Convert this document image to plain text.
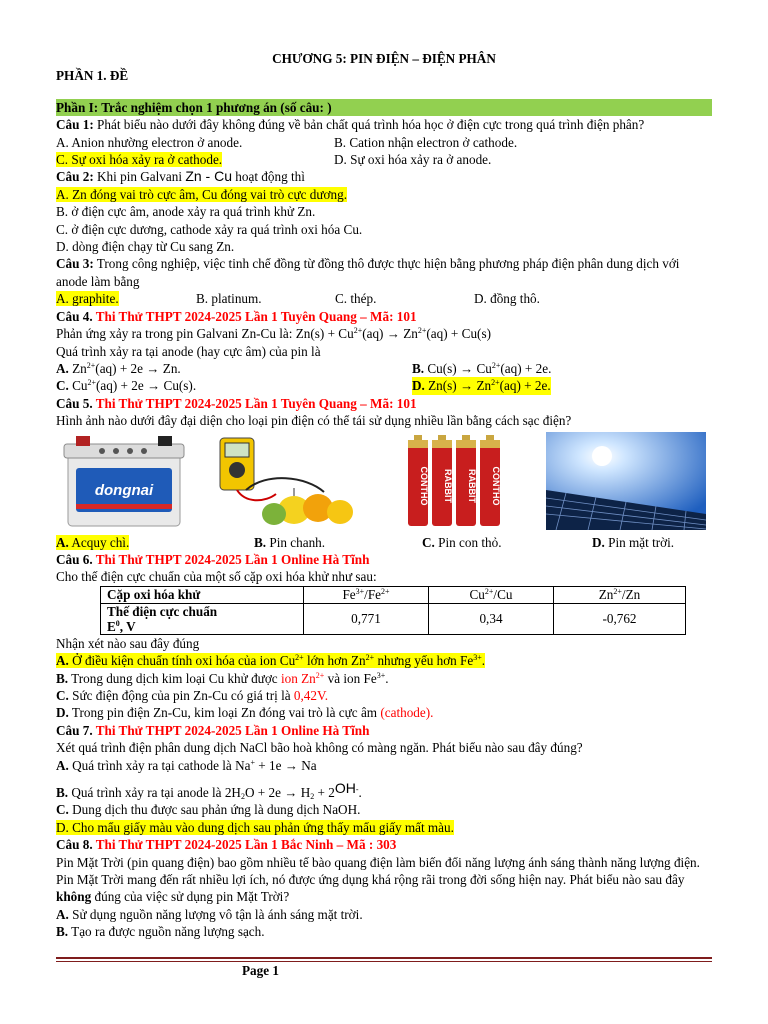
CHƯƠNG 5: PIN ĐIỆN – ĐIỆN PHÂN
PHẦN 1. ĐỀ
Phần I: Trắc nghiệm chọn 1 phương án (số câu: )
Câu 1: Phát biểu nào dưới đây không đúng về bản chất quá trình hóa học ở điện cực trong quá trình điện phân?
A. Anion nhường electron ở anode.	B. Cation nhận electron ở cathode.
C. Sự oxi hóa xảy ra ở cathode.	D. Sự oxi hóa xảy ra ở anode.
Câu 2: Khi pin Galvani Zn - Cu hoạt động thì
A. Zn đóng vai trò cực âm, Cu đóng vai trò cực dương.
B. ở điện cực âm, anode xảy ra quá trình khử Zn.
C. ở điện cực dương, cathode xảy ra quá trình oxi hóa Cu.
D. dòng điện chạy từ Cu sang Zn.
Câu 3: Trong công nghiệp, việc tinh chế đồng từ đồng thô được thực hiện bằng phương pháp điện phân dung dịch với anode làm bằng
A. graphite.	B. platinum.	C. thép.	D. đồng thô.
Câu 4. Thi Thử THPT 2024-2025 Lần 1 Tuyên Quang – Mã: 101
Phản ứng xảy ra trong pin Galvani Zn-Cu là: $Zn(s) + Cu^{2+}(aq) \to Zn^{2+}(aq) + Cu(s)$
Quá trình xảy ra tại anode (hay cực âm) của pin là
A. $Zn^{2+}(aq) + 2e \to Zn$.	B. $Cu(s) \to Cu^{2+}(aq) + 2e$.
C. $Cu^{2+}(aq) + 2e \to Cu(s)$.	D. $Zn(s) \to Zn^{2+}(aq) + 2e$.
Câu 5. Thi Thử THPT 2024-2025 Lần 1 Tuyên Quang – Mã: 101
Hình ảnh nào dưới đây đại diện cho loại pin điện có thể tái sử dụng nhiều lần bằng cách sạc điện?
dongnai	CONTHO RABBIT RABBIT CONTHO
A. Acquy chì.	B. Pin chanh.	C. Pin con thỏ.	D. Pin mặt trời.
Câu 6. Thi Thử THPT 2024-2025 Lần 1 Online Hà Tĩnh
Cho thế điện cực chuẩn của một số cặp oxi hóa khử như sau:
Cặp oxi hóa khử	$Fe^{3+}/Fe^{2+}$	$Cu^{2+}/Cu$	$Zn^{2+}/Zn$
Thế điện cực chuẩn
$E^0$, V	0,771	0,34	-0,762
Nhận xét nào sau đây đúng
A. Ở điều kiện chuẩn tính oxi hóa của ion $Cu^{2+}$ lớn hơn $Zn^{2+}$ nhưng yếu hơn $Fe^{3+}$.
B. Trong dung dịch kim loại Cu khử được ion $Zn^{2+}$ và ion $Fe^{3+}$.
C. Sức điện động của pin Zn-Cu có giá trị là 0,42V.
D. Trong pin điện Zn-Cu, kim loại Zn đóng vai trò là cực âm (cathode).
Câu 7. Thi Thử THPT 2024-2025 Lần 1 Online Hà Tĩnh
Xét quá trình điện phân dung dịch NaCl bão hoà không có màng ngăn. Phát biểu nào sau đây đúng?
A. Quá trình xảy ra tại cathode là Na+ + 1e → Na
B. Quá trình xảy ra tại anode là $2H_2O + 2e \to H_2 + 2OH^-$.
C. Dung dịch thu được sau phản ứng là dung dịch NaOH.
D. Cho mẩu giấy màu vào dung dịch sau phản ứng thấy mẩu giấy mất màu.
Câu 8. Thi Thử THPT 2024-2025 Lần 1 Bắc Ninh – Mã : 303
Pin Mặt Trời (pin quang điện) bao gồm nhiều tế bào quang điện làm biến đổi năng lượng ánh sáng thành năng lượng điện. Pin Mặt Trời mang đến rất nhiều lợi ích, nó được ứng dụng khá rộng rãi trong đời sống hiện nay. Phát biểu nào sau đây không đúng của việc sử dụng pin Mặt Trời?
A. Sử dụng nguồn năng lượng vô tận là ánh sáng mặt trời.
B. Tạo ra được nguồn năng lượng sạch.
Page 1
